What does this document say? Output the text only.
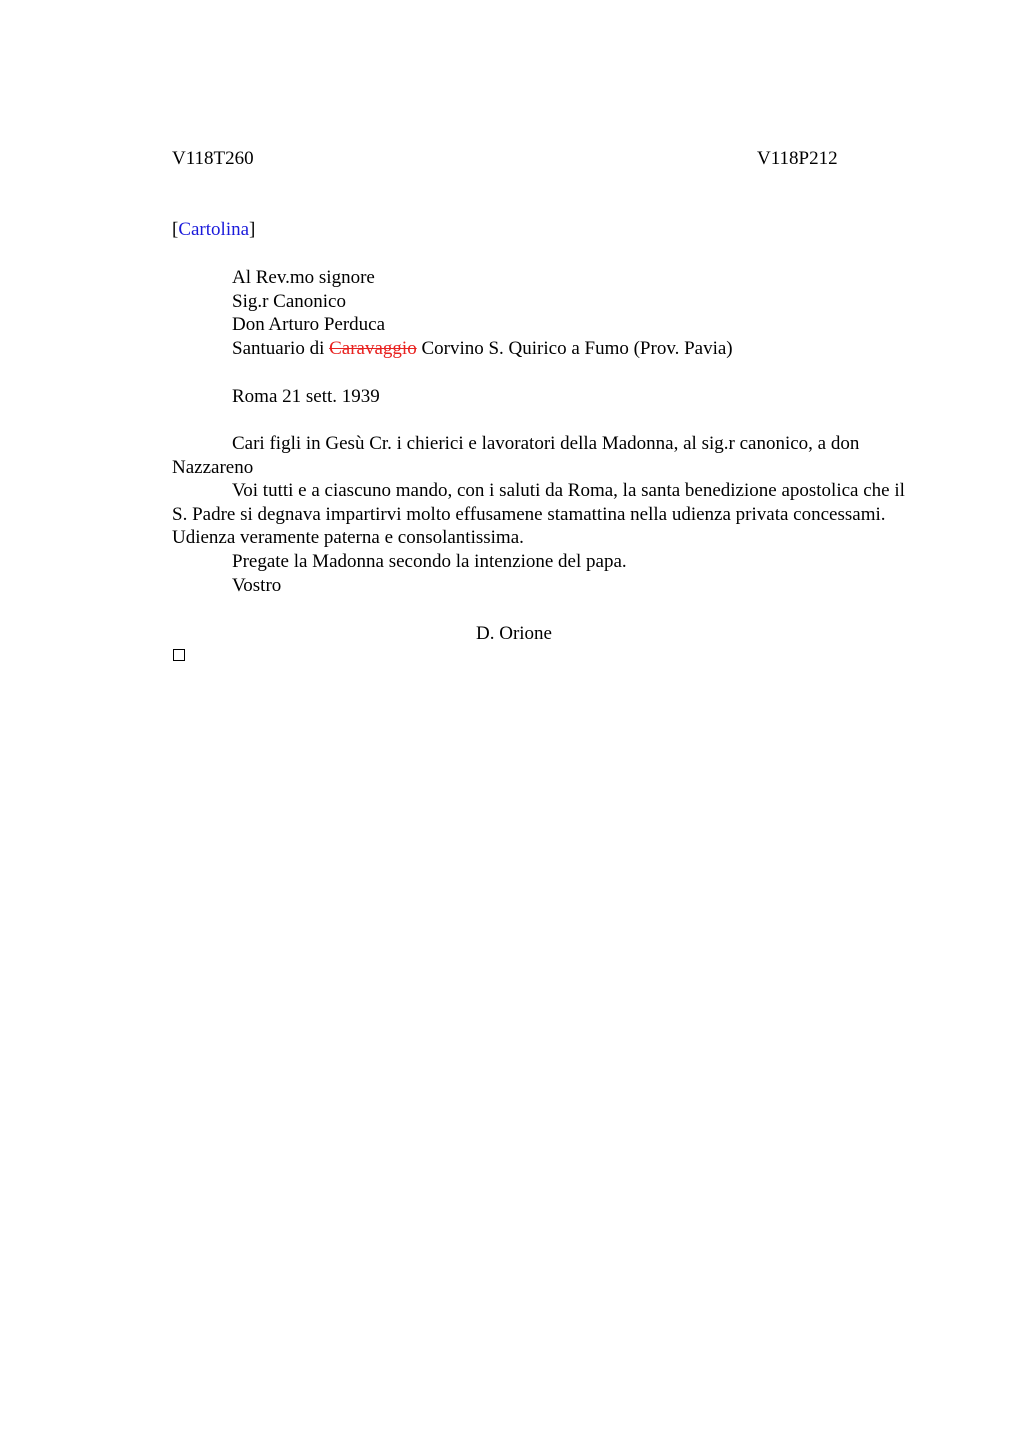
V118T260	V118P212
[Cartolina]
Al Rev.mo signore
Sig.r Canonico
Don Arturo Perduca
Santuario di Caravaggio Corvino S. Quirico a Fumo (Prov. Pavia)
Roma 21 sett. 1939

Cari figli in Gesù Cr. i chierici e lavoratori della Madonna, al sig.r canonico, a don Nazzareno

Voi tutti e a ciascuno mando, con i saluti da Roma, la santa benedizione apostolica che il S. Padre si degnava impartirvi molto effusamene stamattina nella udienza privata concessami. Udienza veramente paterna e consolantissima.

Pregate la Madonna secondo la intenzione del papa.

Vostro

D. Orione
